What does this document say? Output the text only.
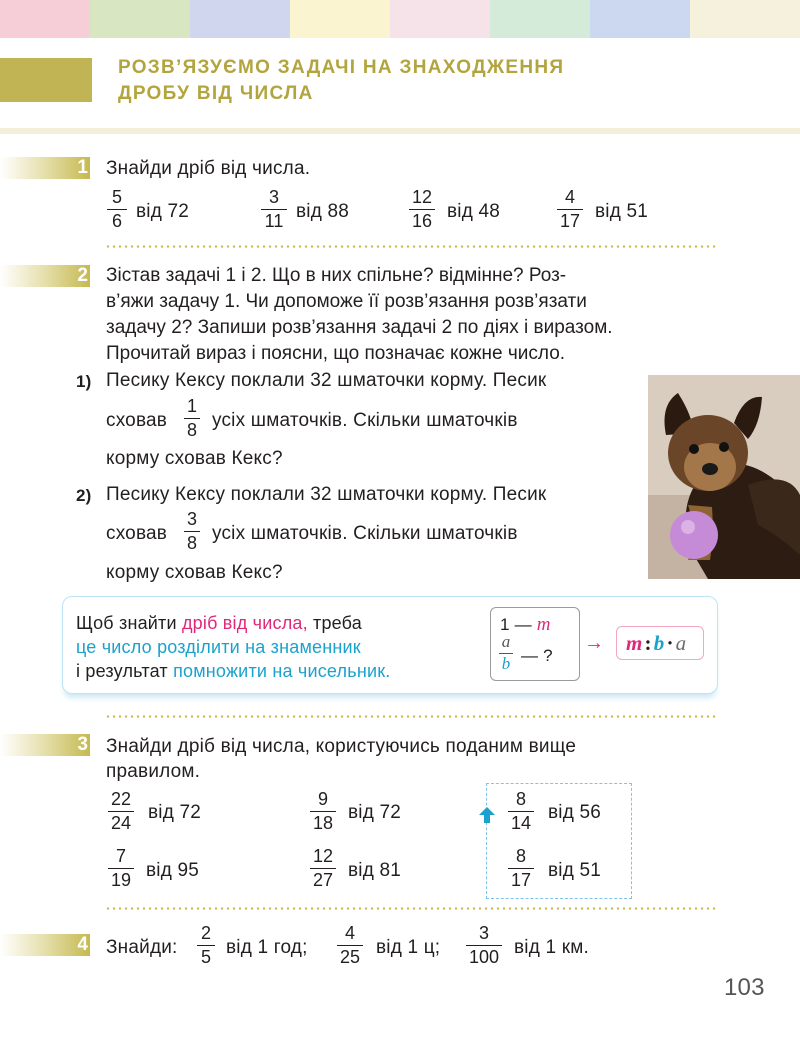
РОЗВ’ЯЗУЄМО ЗАДАЧІ НА ЗНАХОДЖЕННЯ
ДРОБУ ВІД ЧИСЛА
1 Знайди дріб від числа.
5
6 від 72
3
11 від 88
12
16 від 48
4
17 від 51
2 Зістав задачі 1 і 2. Що в них спільне? відмінне? Роз-
в’яжи задачу 1. Чи допоможе її розв’язання розв’язати
задачу 2? Запиши розв’язання задачі 2 по діях і виразом.
Прочитай вираз і поясни, що позначає кожне число.
1) Песику Кексу поклали 32 шматочки корму. Песик
сховав
1
8 усіх шматочків. Скільки шматочків
корму сховав Кекс?
2) Песику Кексу поклали 32 шматочки корму. Песик
сховав
3
8 усіх шматочків. Скільки шматочків
корму сховав Кекс?
Щоб знайти дріб від числа, треба
це число розділити на знаменник
і результат помножити на чисельник.
1 — m
a
b — ?
→ m:b·a
3 Знайди дріб від числа, користуючись поданим вище
правилом.
22
24
від 72
9
18
від 72
8
14
від 56
7
19 від 95
12
27 від 81
8
17 від 51
4 Знайди:
2
5 від 1 год;
4
25 від 1 ц;
3
100 від 1 км.
103
